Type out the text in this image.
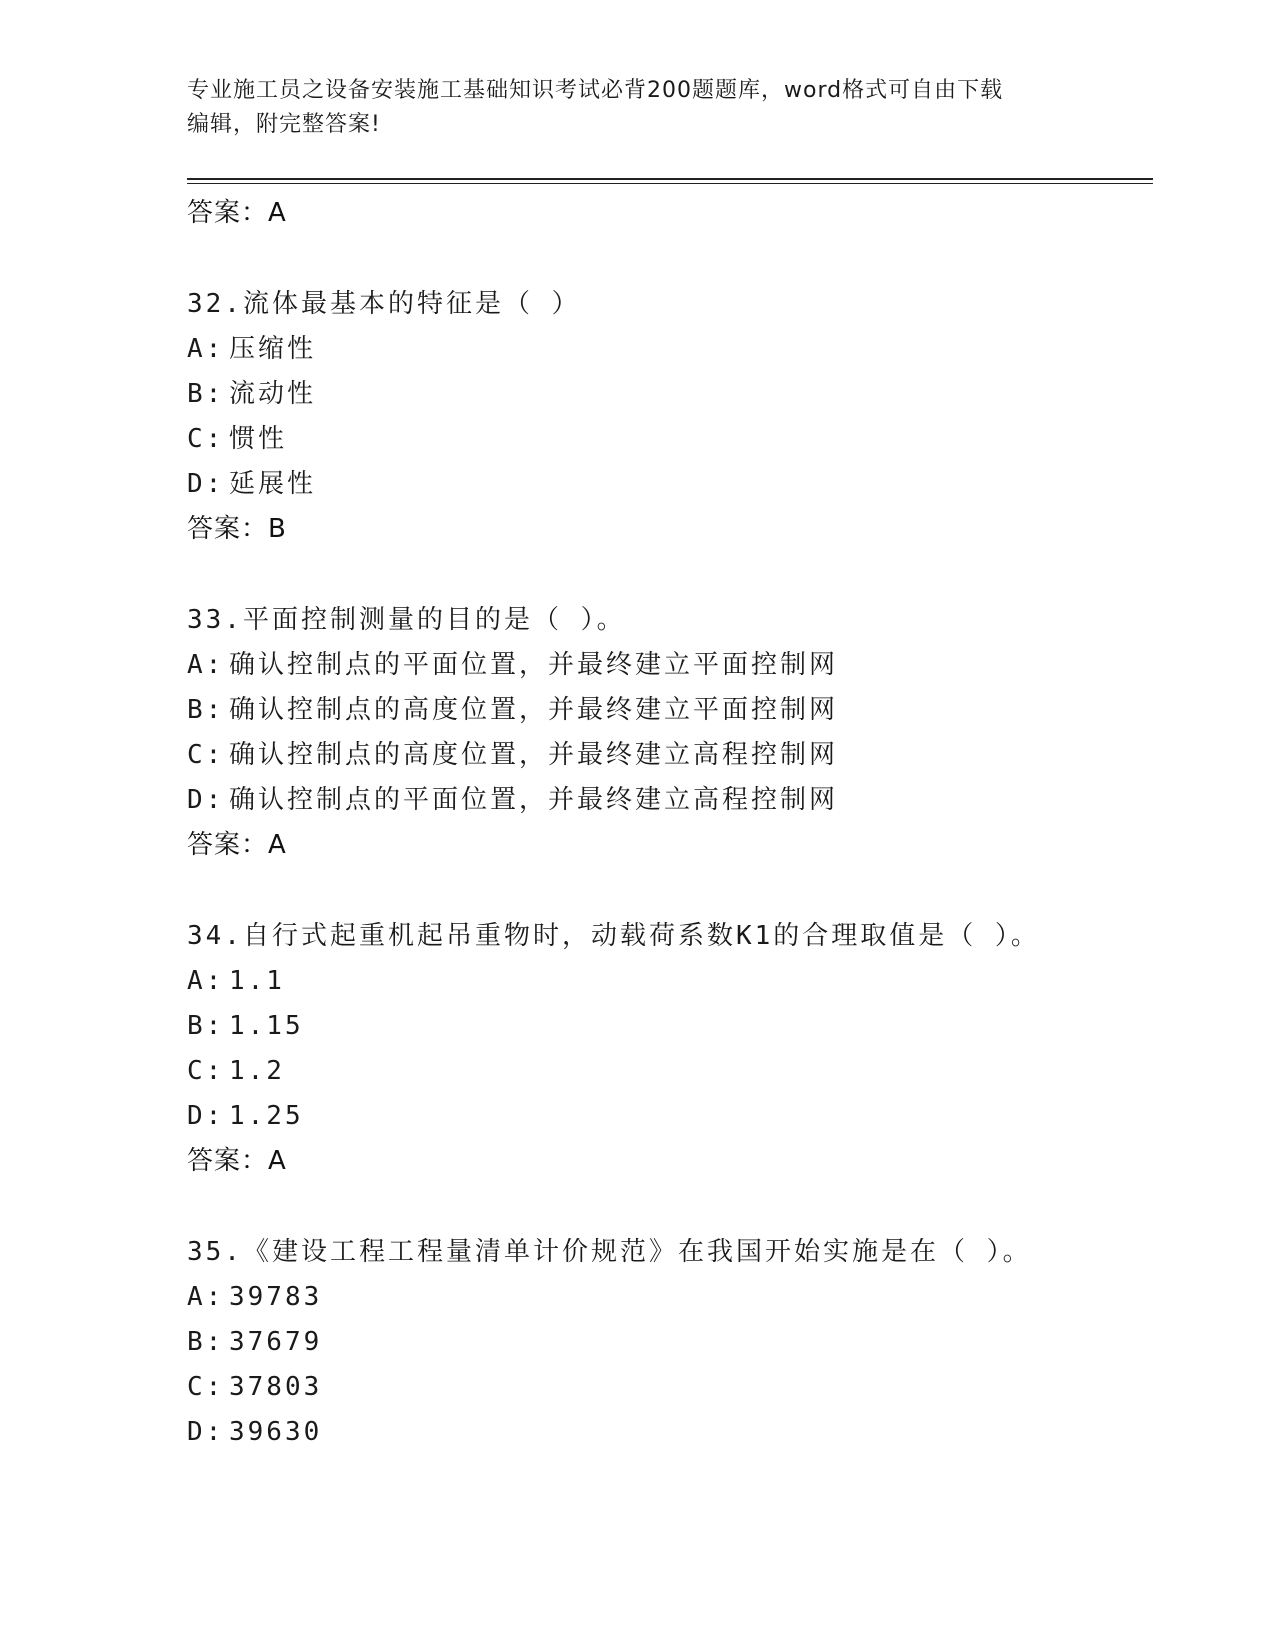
专业施工员之设备安装施工基础知识考试必背200题题库，word格式可自由下载
编辑，附完整答案!
答案：A
32.流体最基本的特征是（ ）
A: 压缩性
B: 流动性
C: 惯性
D: 延展性
答案：B
33.平面控制测量的目的是（ ）。
A: 确认控制点的平面位置，并最终建立平面控制网
B: 确认控制点的高度位置，并最终建立平面控制网
C: 确认控制点的高度位置，并最终建立高程控制网
D: 确认控制点的平面位置，并最终建立高程控制网
答案：A
34.自行式起重机起吊重物时，动载荷系数K1的合理取值是（ ）。
A: 1.1
B: 1.15
C: 1.2
D: 1.25
答案：A
35.《建设工程工程量清单计价规范》在我国开始实施是在（ ）。
A: 39783
B: 37679
C: 37803
D: 39630
